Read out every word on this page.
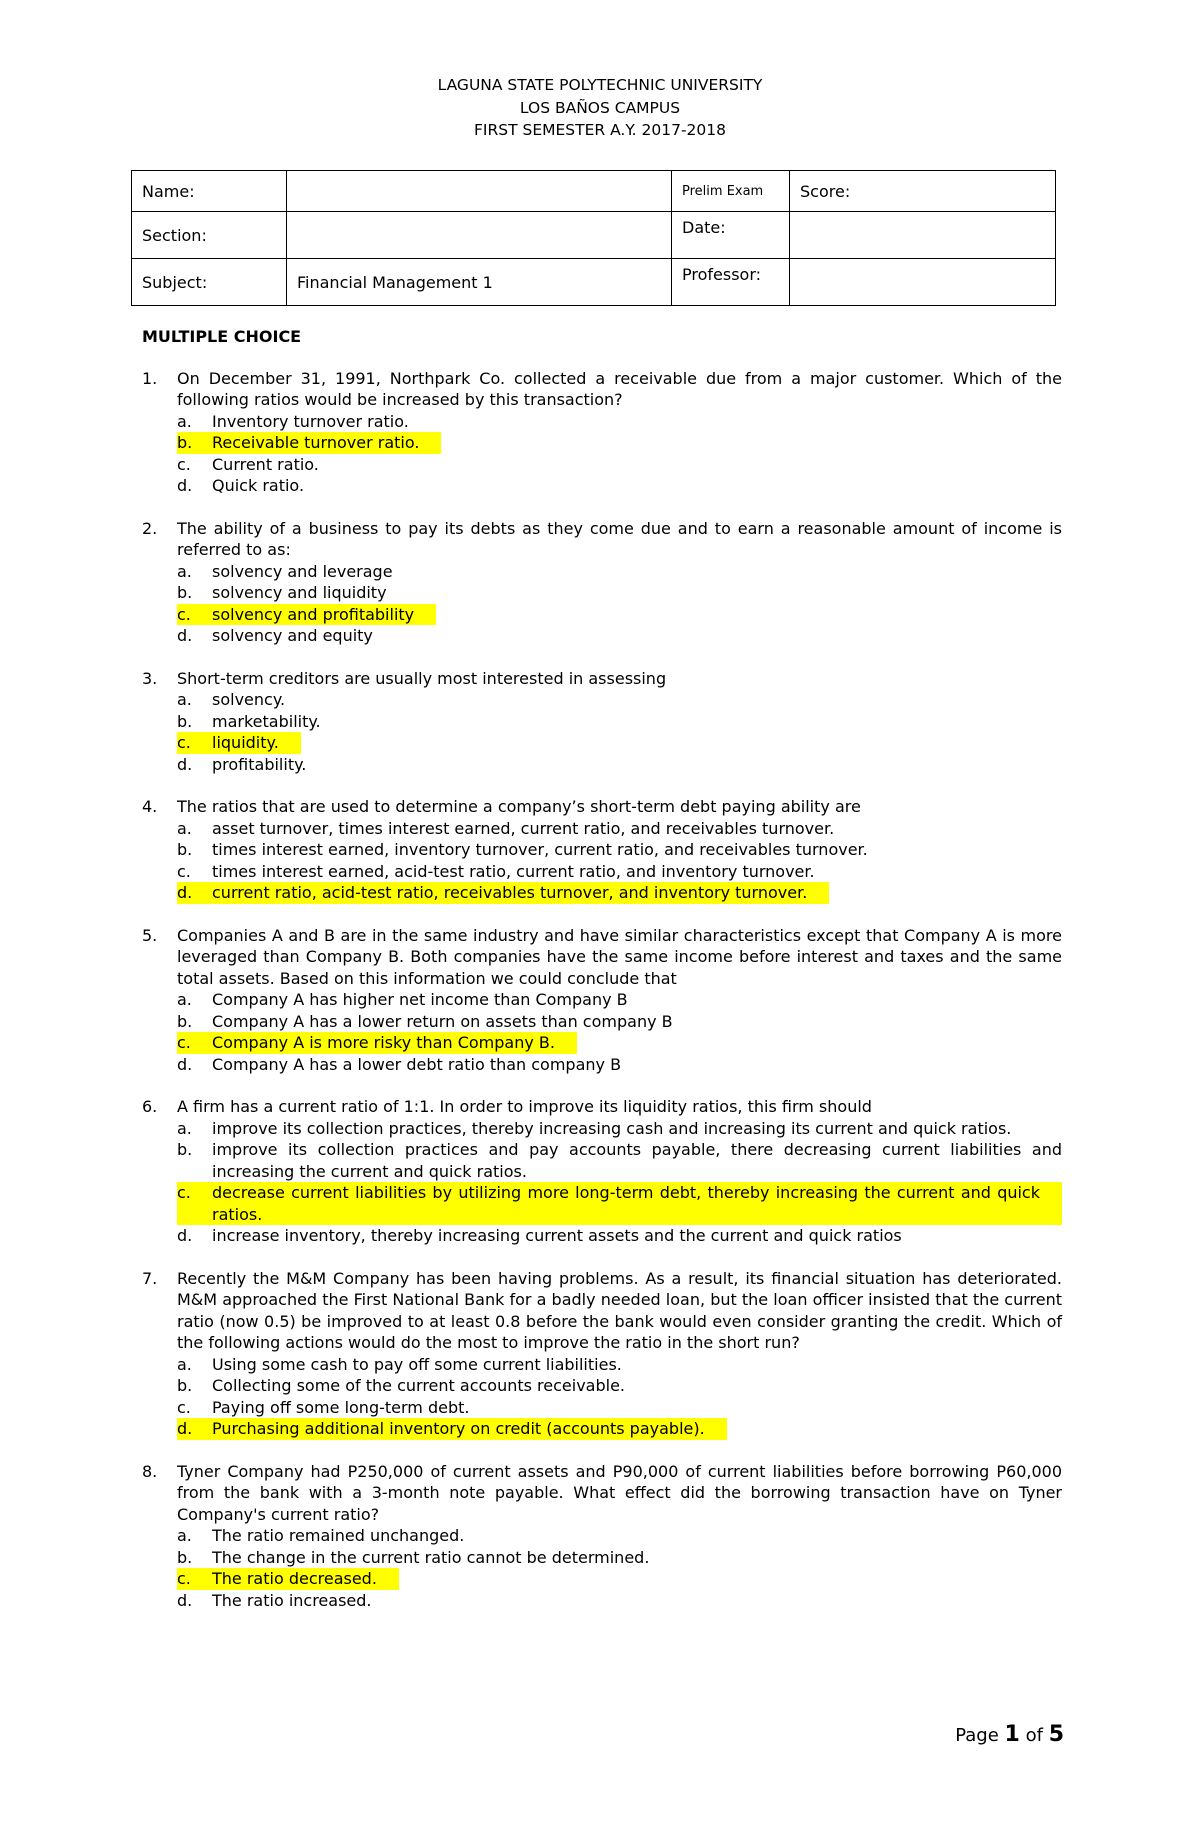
LAGUNA STATE POLYTECHNIC UNIVERSITY
LOS BAÑOS CAMPUS
FIRST SEMESTER A.Y. 2017-2018
Name:		Prelim Exam	Score:
Section:		Date:	
Subject:	Financial Management 1	Professor:	
MULTIPLE CHOICE
1.	On December 31, 1991, Northpark Co. collected a receivable due from a major customer. Which of the following ratios would be increased by this transaction?
a.	Inventory turnover ratio.
b.	Receivable turnover ratio.
c.	Current ratio.
d.	Quick ratio.
2.	The ability of a business to pay its debts as they come due and to earn a reasonable amount of income is referred to as:
a.	solvency and leverage
b.	solvency and liquidity
c.	solvency and profitability
d.	solvency and equity
3.	Short-term creditors are usually most interested in assessing
a.	solvency.
b.	marketability.
c.	liquidity.
d.	profitability.
4.	The ratios that are used to determine a company’s short-term debt paying ability are
a.	asset turnover, times interest earned, current ratio, and receivables turnover.
b.	times interest earned, inventory turnover, current ratio, and receivables turnover.
c.	times interest earned, acid-test ratio, current ratio, and inventory turnover.
d.	current ratio, acid-test ratio, receivables turnover, and inventory turnover.
5.	Companies A and B are in the same industry and have similar characteristics except that Company A is more leveraged than Company B. Both companies have the same income before interest and taxes and the same total assets. Based on this information we could conclude that
a.	Company A has higher net income than Company B
b.	Company A has a lower return on assets than company B
c.	Company A is more risky than Company B.
d.	Company A has a lower debt ratio than company B
6.	A firm has a current ratio of 1:1. In order to improve its liquidity ratios, this firm should
a.	improve its collection practices, thereby increasing cash and increasing its current and quick ratios.
b.	improve its collection practices and pay accounts payable, there decreasing current liabilities and increasing the current and quick ratios.
c.	decrease current liabilities by utilizing more long-term debt, thereby increasing the current and quick ratios.
d.	increase inventory, thereby increasing current assets and the current and quick ratios
7.	Recently the M&M Company has been having problems. As a result, its financial situation has deteriorated. M&M approached the First National Bank for a badly needed loan, but the loan officer insisted that the current ratio (now 0.5) be improved to at least 0.8 before the bank would even consider granting the credit. Which of the following actions would do the most to improve the ratio in the short run?
a.	Using some cash to pay off some current liabilities.
b.	Collecting some of the current accounts receivable.
c.	Paying off some long-term debt.
d.	Purchasing additional inventory on credit (accounts payable).
8.	Tyner Company had P250,000 of current assets and P90,000 of current liabilities before borrowing P60,000 from the bank with a 3-month note payable. What effect did the borrowing transaction have on Tyner Company's current ratio?
a.	The ratio remained unchanged.
b.	The change in the current ratio cannot be determined.
c.	The ratio decreased.
d.	The ratio increased.
Page 1 of 5
